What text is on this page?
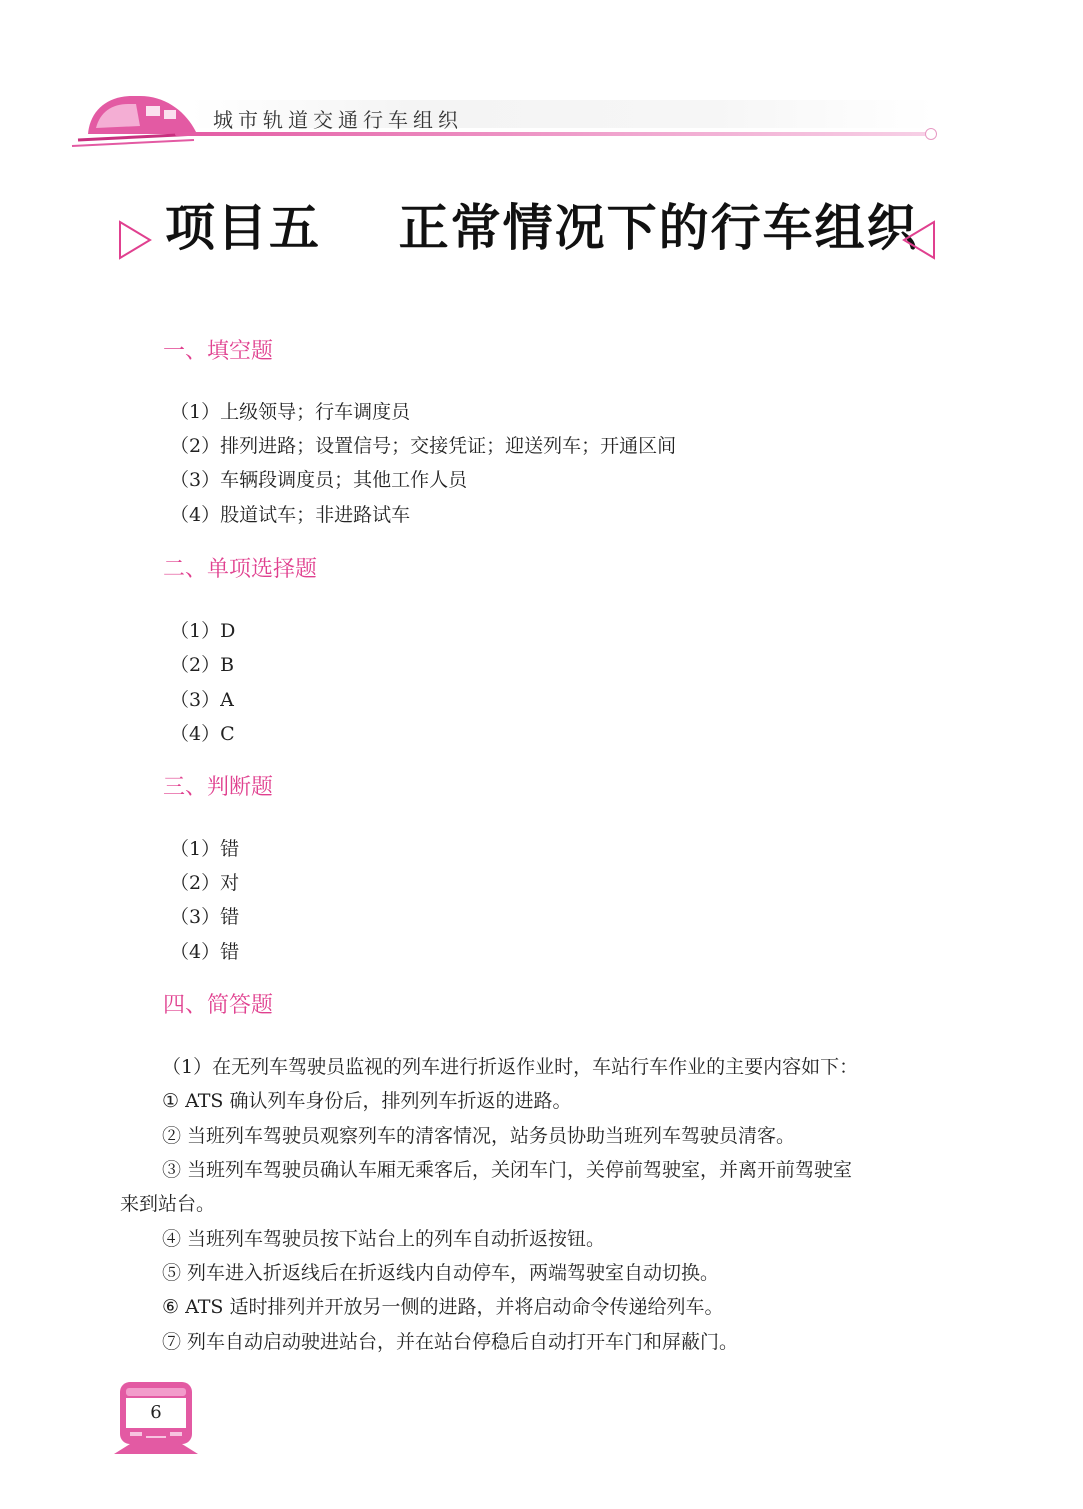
城市轨道交通行车组织
项目五    正常情况下的行车组织
一、填空题
（1）上级领导；行车调度员
（2）排列进路；设置信号；交接凭证；迎送列车；开通区间
（3）车辆段调度员；其他工作人员
（4）股道试车；非进路试车
二、单项选择题
（1）D
（2）B
（3）A
（4）C
三、判断题
（1）错
（2）对
（3）错
（4）错
四、简答题
（1）在无列车驾驶员监视的列车进行折返作业时，车站行车作业的主要内容如下：
① ATS 确认列车身份后，排列列车折返的进路。
② 当班列车驾驶员观察列车的清客情况，站务员协助当班列车驾驶员清客。
③ 当班列车驾驶员确认车厢无乘客后，关闭车门，关停前驾驶室，并离开前驾驶室
来到站台。
④ 当班列车驾驶员按下站台上的列车自动折返按钮。
⑤ 列车进入折返线后在折返线内自动停车，两端驾驶室自动切换。
⑥ ATS 适时排列并开放另一侧的进路，并将启动命令传递给列车。
⑦ 列车自动启动驶进站台，并在站台停稳后自动打开车门和屏蔽门。
6
